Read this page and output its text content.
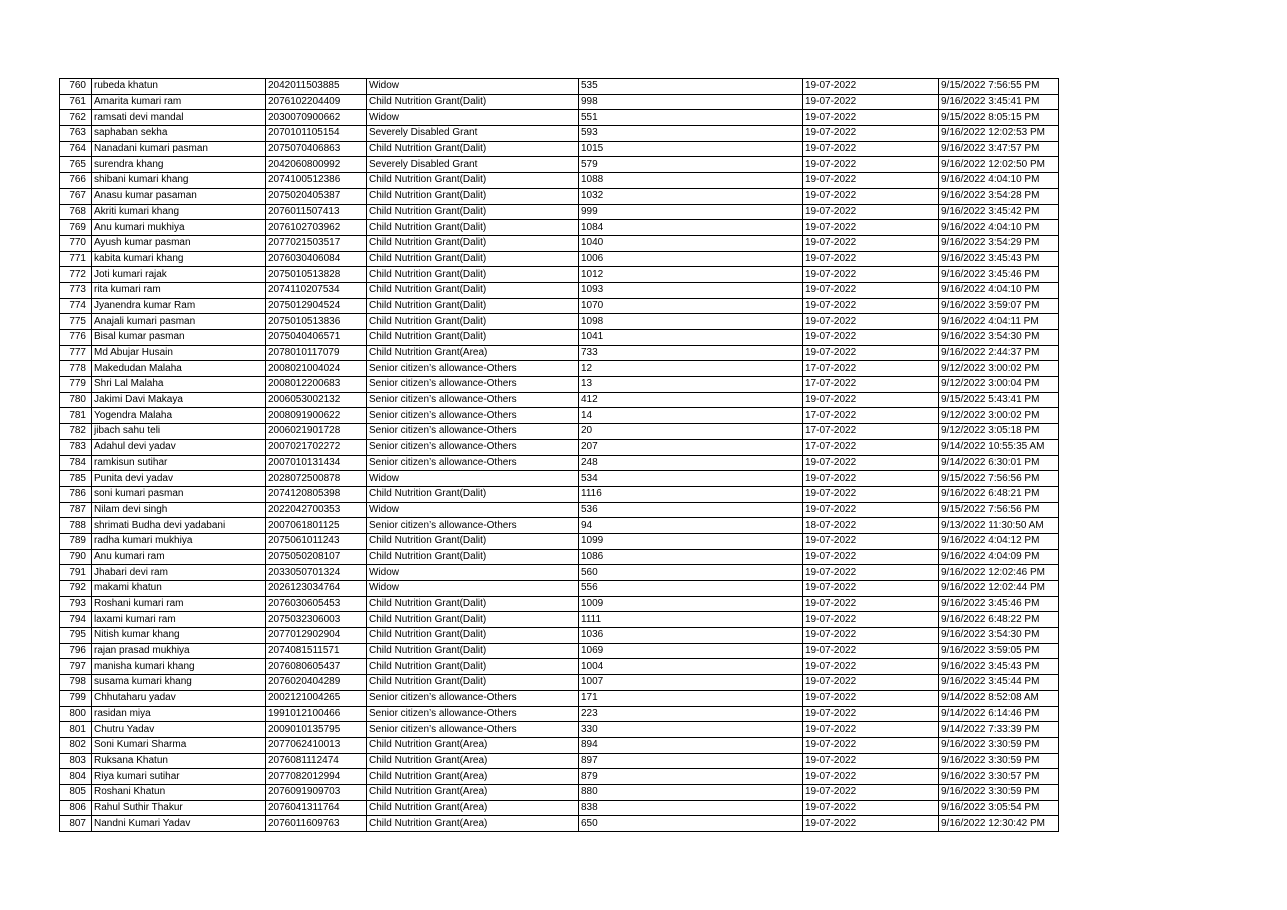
760	rubeda khatun	2042011503885	Widow	535	19-07-2022	9/15/2022 7:56:55 PM
761	Amarita kumari ram	2076102204409	Child Nutrition Grant(Dalit)	998	19-07-2022	9/16/2022 3:45:41 PM
762	ramsati devi mandal	2030070900662	Widow	551	19-07-2022	9/15/2022 8:05:15 PM
763	saphaban sekha	2070101105154	Severely Disabled Grant	593	19-07-2022	9/16/2022 12:02:53 PM
764	Nanadani kumari pasman	2075070406863	Child Nutrition Grant(Dalit)	1015	19-07-2022	9/16/2022 3:47:57 PM
765	surendra khang	2042060800992	Severely Disabled Grant	579	19-07-2022	9/16/2022 12:02:50 PM
766	shibani kumari khang	2074100512386	Child Nutrition Grant(Dalit)	1088	19-07-2022	9/16/2022 4:04:10 PM
767	Anasu kumar pasaman	2075020405387	Child Nutrition Grant(Dalit)	1032	19-07-2022	9/16/2022 3:54:28 PM
768	Akriti kumari khang	2076011507413	Child Nutrition Grant(Dalit)	999	19-07-2022	9/16/2022 3:45:42 PM
769	Anu kumari mukhiya	2076102703962	Child Nutrition Grant(Dalit)	1084	19-07-2022	9/16/2022 4:04:10 PM
770	Ayush kumar pasman	2077021503517	Child Nutrition Grant(Dalit)	1040	19-07-2022	9/16/2022 3:54:29 PM
771	kabita kumari khang	2076030406084	Child Nutrition Grant(Dalit)	1006	19-07-2022	9/16/2022 3:45:43 PM
772	Joti kumari rajak	2075010513828	Child Nutrition Grant(Dalit)	1012	19-07-2022	9/16/2022 3:45:46 PM
773	rita kumari ram	2074110207534	Child Nutrition Grant(Dalit)	1093	19-07-2022	9/16/2022 4:04:10 PM
774	Jyanendra kumar Ram	2075012904524	Child Nutrition Grant(Dalit)	1070	19-07-2022	9/16/2022 3:59:07 PM
775	Anajali kumari pasman	2075010513836	Child Nutrition Grant(Dalit)	1098	19-07-2022	9/16/2022 4:04:11 PM
776	Bisal kumar pasman	2075040406571	Child Nutrition Grant(Dalit)	1041	19-07-2022	9/16/2022 3:54:30 PM
777	Md Abujar Husain	2078010117079	Child Nutrition Grant(Area)	733	19-07-2022	9/16/2022 2:44:37 PM
778	Makedudan Malaha	2008021004024	Senior citizen’s allowance-Others	12	17-07-2022	9/12/2022 3:00:02 PM
779	Shri Lal Malaha	2008012200683	Senior citizen’s allowance-Others	13	17-07-2022	9/12/2022 3:00:04 PM
780	Jakimi Davi Makaya	2006053002132	Senior citizen’s allowance-Others	412	19-07-2022	9/15/2022 5:43:41 PM
781	Yogendra Malaha	2008091900622	Senior citizen’s allowance-Others	14	17-07-2022	9/12/2022 3:00:02 PM
782	jibach sahu teli	2006021901728	Senior citizen’s allowance-Others	20	17-07-2022	9/12/2022 3:05:18 PM
783	Adahul devi yadav	2007021702272	Senior citizen’s allowance-Others	207	17-07-2022	9/14/2022 10:55:35 AM
784	ramkisun sutihar	2007010131434	Senior citizen’s allowance-Others	248	19-07-2022	9/14/2022 6:30:01 PM
785	Punita devi yadav	2028072500878	Widow	534	19-07-2022	9/15/2022 7:56:56 PM
786	soni kumari pasman	2074120805398	Child Nutrition Grant(Dalit)	1116	19-07-2022	9/16/2022 6:48:21 PM
787	Nilam devi singh	2022042700353	Widow	536	19-07-2022	9/15/2022 7:56:56 PM
788	shrimati Budha devi yadabani	2007061801125	Senior citizen’s allowance-Others	94	18-07-2022	9/13/2022 11:30:50 AM
789	radha kumari mukhiya	2075061011243	Child Nutrition Grant(Dalit)	1099	19-07-2022	9/16/2022 4:04:12 PM
790	Anu kumari ram	2075050208107	Child Nutrition Grant(Dalit)	1086	19-07-2022	9/16/2022 4:04:09 PM
791	Jhabari devi ram	2033050701324	Widow	560	19-07-2022	9/16/2022 12:02:46 PM
792	makami khatun	2026123034764	Widow	556	19-07-2022	9/16/2022 12:02:44 PM
793	Roshani kumari ram	2076030605453	Child Nutrition Grant(Dalit)	1009	19-07-2022	9/16/2022 3:45:46 PM
794	laxami kumari ram	2075032306003	Child Nutrition Grant(Dalit)	1111	19-07-2022	9/16/2022 6:48:22 PM
795	Nitish kumar khang	2077012902904	Child Nutrition Grant(Dalit)	1036	19-07-2022	9/16/2022 3:54:30 PM
796	rajan prasad mukhiya	2074081511571	Child Nutrition Grant(Dalit)	1069	19-07-2022	9/16/2022 3:59:05 PM
797	manisha kumari khang	2076080605437	Child Nutrition Grant(Dalit)	1004	19-07-2022	9/16/2022 3:45:43 PM
798	susama kumari khang	2076020404289	Child Nutrition Grant(Dalit)	1007	19-07-2022	9/16/2022 3:45:44 PM
799	Chhutaharu yadav	2002121004265	Senior citizen’s allowance-Others	171	19-07-2022	9/14/2022 8:52:08 AM
800	rasidan miya	1991012100466	Senior citizen’s allowance-Others	223	19-07-2022	9/14/2022 6:14:46 PM
801	Chutru Yadav	2009010135795	Senior citizen’s allowance-Others	330	19-07-2022	9/14/2022 7:33:39 PM
802	Soni Kumari Sharma	2077062410013	Child Nutrition Grant(Area)	894	19-07-2022	9/16/2022 3:30:59 PM
803	Ruksana Khatun	2076081112474	Child Nutrition Grant(Area)	897	19-07-2022	9/16/2022 3:30:59 PM
804	Riya kumari sutihar	2077082012994	Child Nutrition Grant(Area)	879	19-07-2022	9/16/2022 3:30:57 PM
805	Roshani Khatun	2076091909703	Child Nutrition Grant(Area)	880	19-07-2022	9/16/2022 3:30:59 PM
806	Rahul Suthir Thakur	2076041311764	Child Nutrition Grant(Area)	838	19-07-2022	9/16/2022 3:05:54 PM
807	Nandni Kumari Yadav	2076011609763	Child Nutrition Grant(Area)	650	19-07-2022	9/16/2022 12:30:42 PM
